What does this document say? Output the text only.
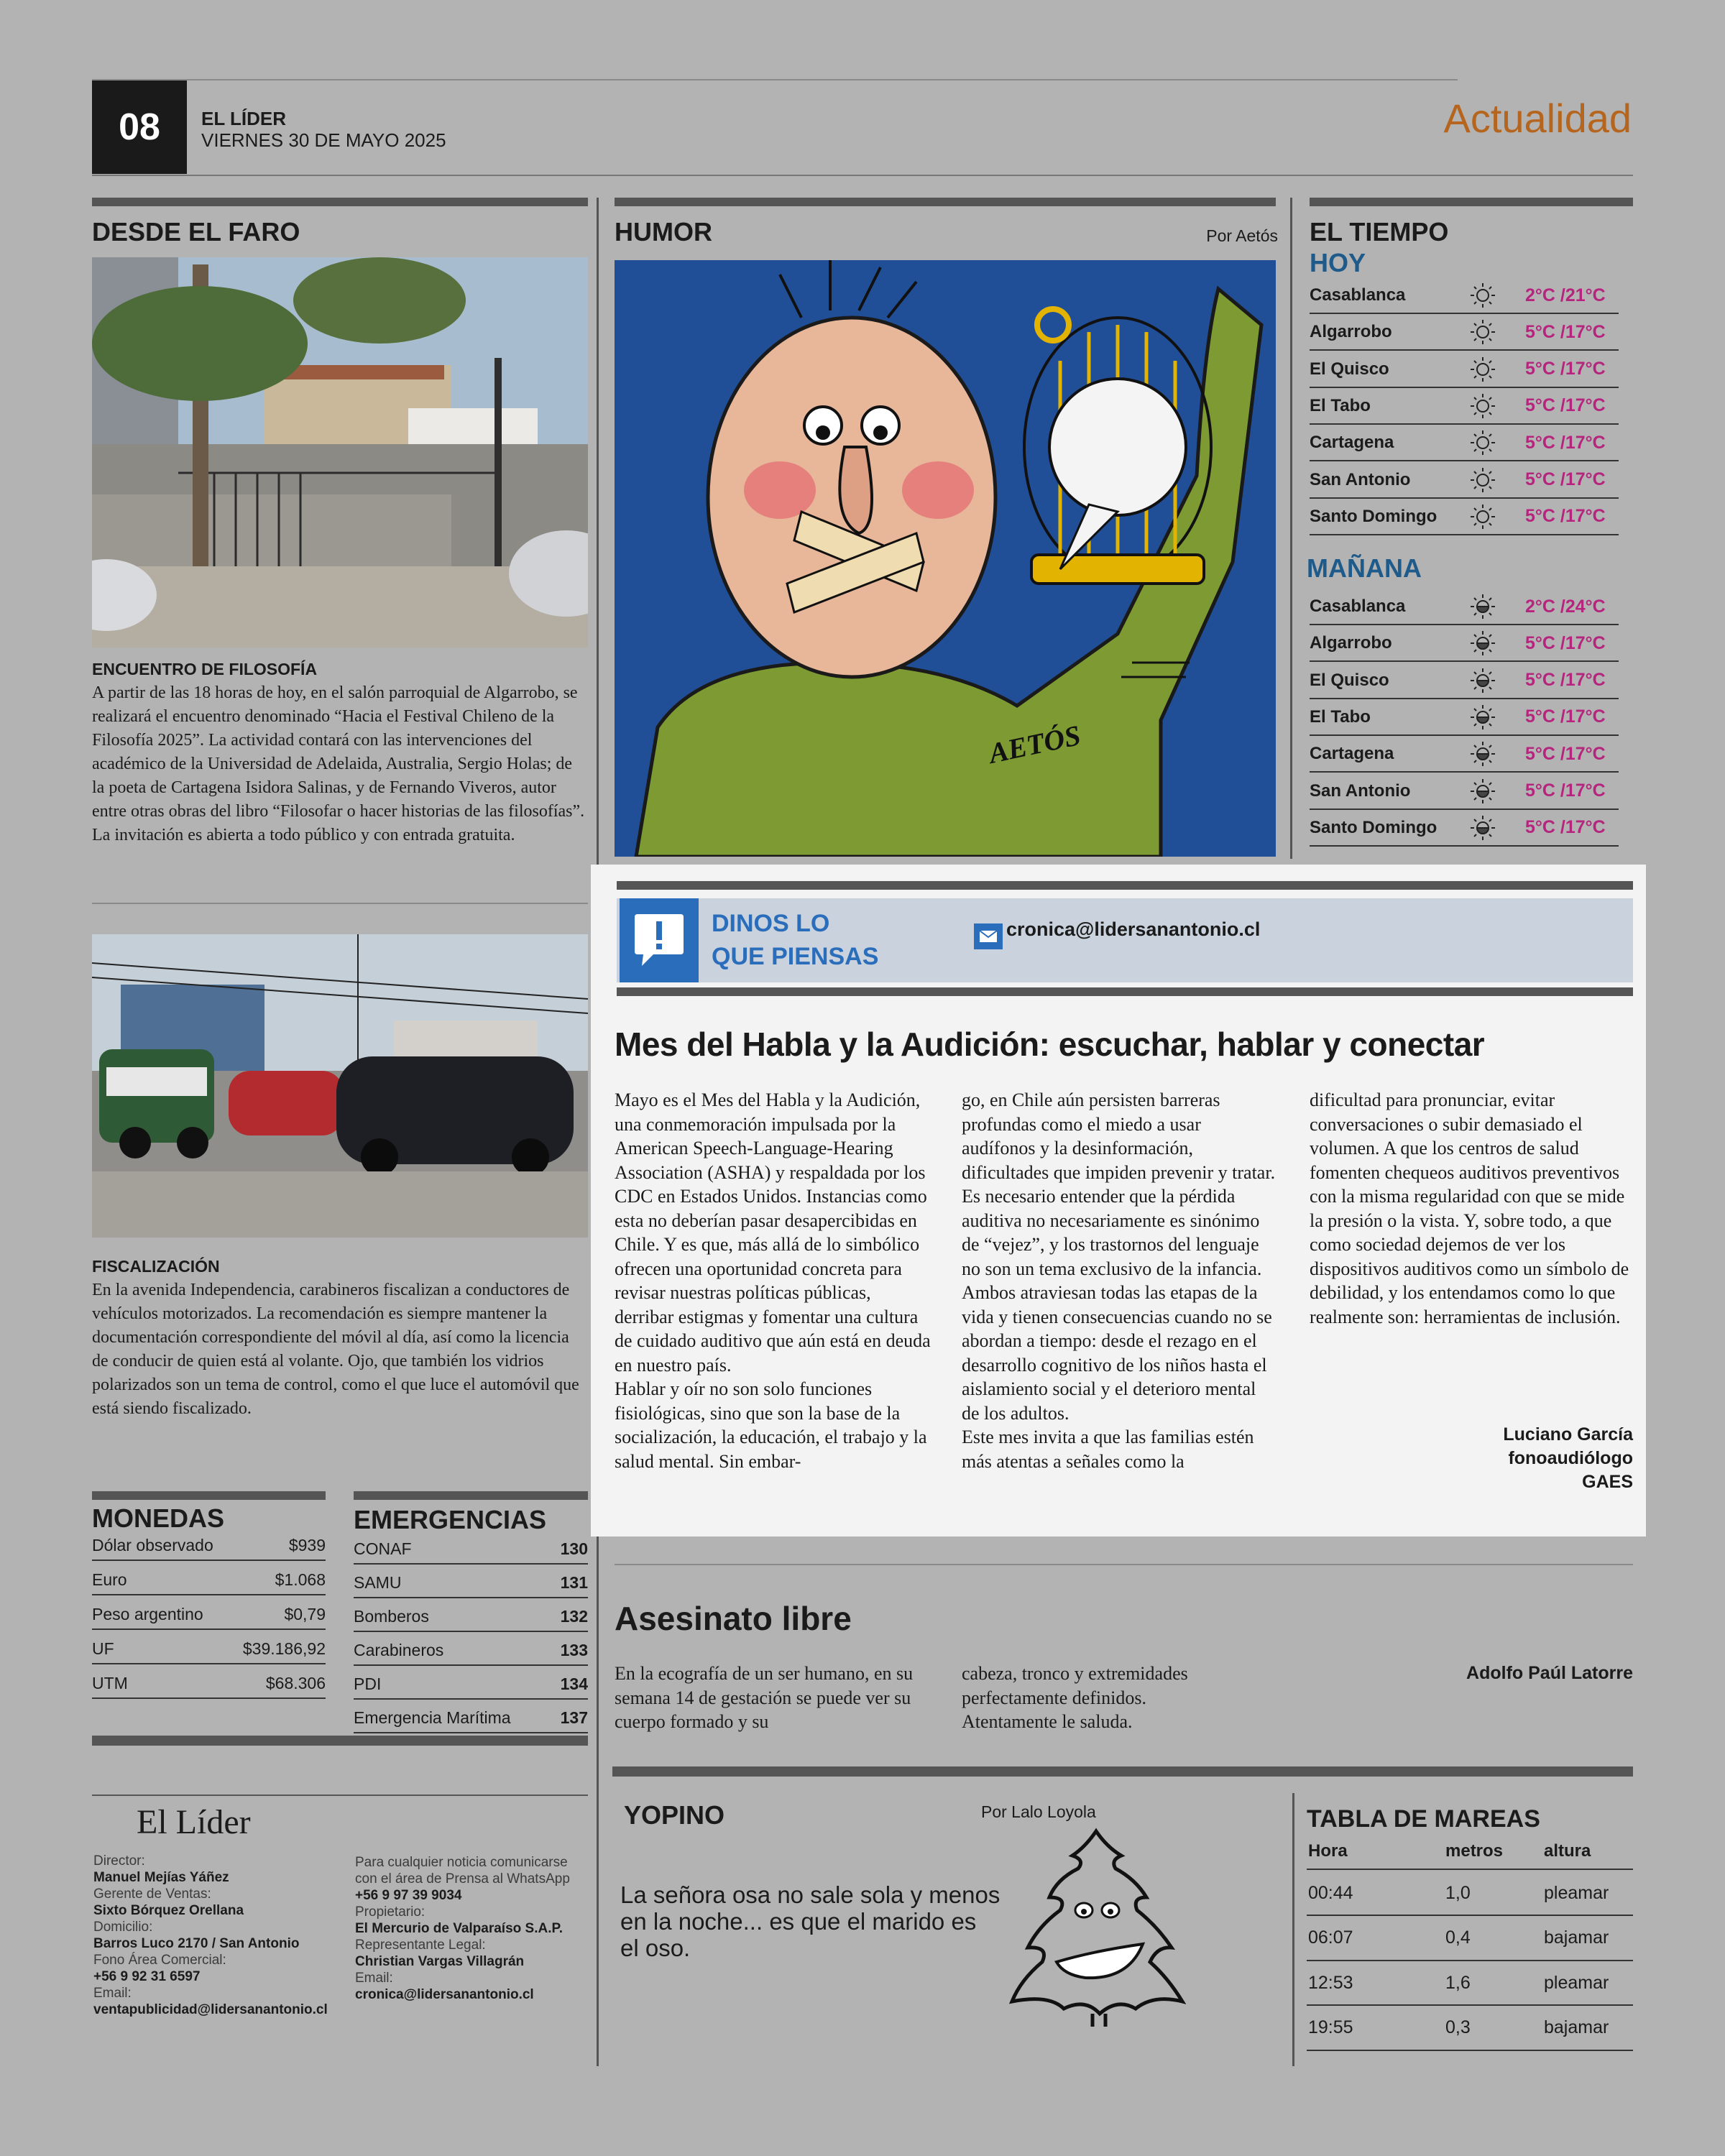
08	EL LÍDER
VIERNES 30 DE MAYO 2025	Actualidad
DESDE EL FARO
ENCUENTRO DE FILOSOFÍA
A partir de las 18 horas de hoy, en el salón parroquial de Algarrobo, se realizará el encuentro denominado “Hacia el Festival Chileno de la Filosofía 2025”. La actividad contará con las intervenciones del académico de la Universidad de Adelaida, Australia, Sergio Holas; de la poeta de Cartagena Isidora Salinas, y de Fernando Viveros, autor entre otras obras del libro “Filosofar o hacer historias de las filosofías”. La invitación es abierta a todo público y con entrada gratuita.
FISCALIZACIÓN
En la avenida Independencia, carabineros fiscalizan a conductores de vehículos motorizados. La recomendación es siempre mantener la documentación correspondiente del móvil al día, así como la licencia de conducir de quien está al volante. Ojo, que también los vidrios polarizados son un tema de control, como el que luce el automóvil que está siendo fiscalizado.
HUMOR	Por Aetós
AETÓS
EL TIEMPO
HOY
Casablanca	2°C /21°C
Algarrobo	5°C /17°C
El Quisco	5°C /17°C
El Tabo	5°C /17°C
Cartagena	5°C /17°C
San Antonio	5°C /17°C
Santo Domingo	5°C /17°C
MAÑANA
Casablanca	2°C /24°C
Algarrobo	5°C /17°C
El Quisco	5°C /17°C
El Tabo	5°C /17°C
Cartagena	5°C /17°C
San Antonio	5°C /17°C
Santo Domingo	5°C /17°C
DINOS LO
QUE PIENSAS
cronica@lidersanantonio.cl
Mes del Habla y la Audición: escuchar, hablar y conectar
Mayo es el Mes del Habla y la Audición, una conmemoración impulsada por la American Speech-Language-Hearing Association (ASHA) y respaldada por los CDC en Estados Unidos. Instancias como esta no deberían pasar desapercibidas en Chile. Y es que, más allá de lo simbólico ofrecen una oportunidad concreta para revisar nuestras políticas públicas, derribar estigmas y fomentar una cultura de cuidado auditivo que aún está en deuda en nuestro país.
Hablar y oír no son solo funciones fisiológicas, sino que son la base de la socialización, la educación, el trabajo y la salud mental. Sin embar-
go, en Chile aún persisten barreras profundas como el miedo a usar audífonos y la desinformación, dificultades que impiden prevenir y tratar.
Es necesario entender que la pérdida auditiva no necesariamente es sinónimo de “vejez”, y los trastornos del lenguaje no son un tema exclusivo de la infancia. Ambos atraviesan todas las etapas de la vida y tienen consecuencias cuando no se abordan a tiempo: desde el rezago en el desarrollo cognitivo de los niños hasta el aislamiento social y el deterioro mental de los adultos.
Este mes invita a que las familias estén más atentas a señales como la
dificultad para pronunciar, evitar conversaciones o subir demasiado el volumen. A que los centros de salud fomenten chequeos auditivos preventivos con la misma regularidad con que se mide la presión o la vista. Y, sobre todo, a que como sociedad dejemos de ver los dispositivos auditivos como un símbolo de debilidad, y los entendamos como lo que realmente son: herramientas de inclusión.
Luciano García
fonoaudiólogo
GAES
Asesinato libre
En la ecografía de un ser humano, en su semana 14 de gestación se puede ver su cuerpo formado y su
cabeza, tronco y extremidades perfectamente definidos.
Atentamente le saluda.
Adolfo Paúl Latorre
MONEDAS
Dólar observado	$939
Euro	$1.068
Peso argentino	$0,79
UF	$39.186,92
UTM	$68.306
EMERGENCIAS
CONAF	130
SAMU	131
Bomberos	132
Carabineros	133
PDI	134
Emergencia Marítima	137
El Líder
Director:
Manuel Mejías Yáñez
Gerente de Ventas:
Sixto Bórquez Orellana
Domicilio:
Barros Luco 2170 / San Antonio
Fono Área Comercial:
+56 9 92 31 6597
Email:
ventapublicidad@lidersanantonio.cl
Para cualquier noticia comunicarse con el área de Prensa al WhatsApp
+56 9 97 39 9034
Propietario:
El Mercurio de Valparaíso S.A.P.
Representante Legal:
Christian Vargas Villagrán
Email:
cronica@lidersanantonio.cl
YOPINO	Por Lalo Loyola
La señora osa no sale sola y menos en la noche... es que el marido es el oso.
TABLA DE MAREAS
Hora	metros altura
00:44	1,0	pleamar
06:07	0,4	bajamar
12:53	1,6	pleamar
19:55	0,3	bajamar
